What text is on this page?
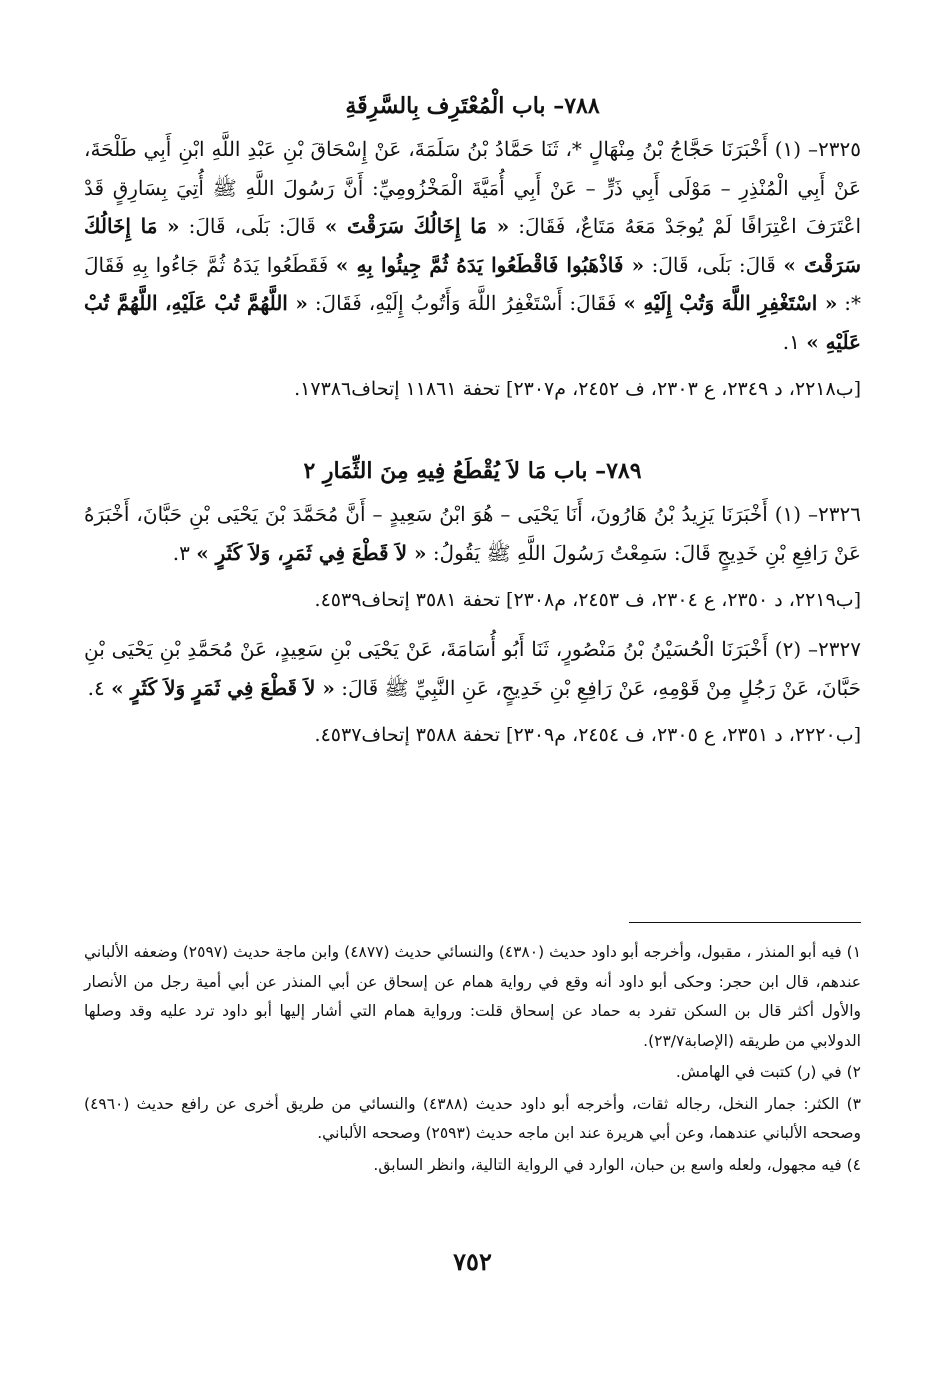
٧٨٨– باب الْمُعْتَرِف بِالسَّرِقَةِ

٢٣٢٥– (١) أَخْبَرَنَا حَجَّاجُ بْنُ مِنْهَالٍ *، ثَنَا حَمَّادُ بْنُ سَلَمَةَ، عَنْ إِسْحَاقَ بْنِ عَبْدِ اللَّهِ ابْنِ أَبِي طَلْحَةَ، عَنْ أَبِي الْمُنْذِرِ – مَوْلَى أَبِي ذَرٍّ – عَنْ أَبِي أُمَيَّةَ الْمَخْزُومِيِّ: أَنَّ رَسُولَ اللَّهِ ﷺ أُتِيَ بِسَارِقٍ قَدْ اعْتَرَفَ اعْتِرَافًا لَمْ يُوجَدْ مَعَهُ مَتَاعٌ، فَقَالَ: « مَا إِخَالُكَ سَرَقْتَ » قَالَ: بَلَى، قَالَ: « مَا إِخَالُكَ سَرَقْتَ » قَالَ: بَلَى، قَالَ: « فَاذْهَبُوا فَاقْطَعُوا يَدَهُ ثُمَّ جِيئُوا بِهِ » فَقَطَعُوا يَدَهُ ثُمَّ جَاءُوا بِهِ فَقَالَ *: « اسْتَغْفِرِ اللَّهَ وَتُبْ إِلَيْهِ » فَقَالَ: أَسْتَغْفِرُ اللَّهَ وَأَتُوبُ إِلَيْهِ، فَقَالَ: « اللَّهُمَّ تُبْ عَلَيْهِ، اللَّهُمَّ تُبْ عَلَيْهِ » ١.

[ب٢٢١٨، د ٢٣٤٩، ع ٢٣٠٣، ف ٢٤٥٢، م٢٣٠٧] تحفة ١١٨٦١ إتحاف١٧٣٨٦.

٧٨٩– باب مَا لاَ يُقْطَعُ فِيهِ مِنَ الثِّمَارِ ٢

٢٣٢٦– (١) أَخْبَرَنَا يَزِيدُ بْنُ هَارُونَ، أَنَا يَحْيَى – هُوَ ابْنُ سَعِيدٍ – أَنَّ مُحَمَّدَ بْنَ يَحْيَى بْنِ حَبَّانَ، أَخْبَرَهُ عَنْ رَافِعِ بْنِ خَدِيجٍ قَالَ: سَمِعْتُ رَسُولَ اللَّهِ ﷺ يَقُولُ: « لاَ قَطْعَ فِي ثَمَرٍ، وَلاَ كَثَرٍ » ٣.

[ب٢٢١٩، د ٢٣٥٠، ع ٢٣٠٤، ف ٢٤٥٣، م٢٣٠٨] تحفة ٣٥٨١ إتحاف٤٥٣٩.

٢٣٢٧– (٢) أَخْبَرَنَا الْحُسَيْنُ بْنُ مَنْصُورٍ، ثَنَا أَبُو أُسَامَةَ، عَنْ يَحْيَى بْنِ سَعِيدٍ، عَنْ مُحَمَّدِ بْنِ يَحْيَى بْنِ حَبَّانَ، عَنْ رَجُلٍ مِنْ قَوْمِهِ، عَنْ رَافِعِ بْنِ خَدِيجٍ، عَنِ النَّبِيِّ ﷺ قَالَ: « لاَ قَطْعَ فِي ثَمَرٍ وَلاَ كَثَرٍ » ٤.

[ب٢٢٢٠، د ٢٣٥١، ع ٢٣٠٥، ف ٢٤٥٤، م٢٣٠٩] تحفة ٣٥٨٨ إتحاف٤٥٣٧.

١) فيه أبو المنذر ، مقبول، وأخرجه أبو داود حديث (٤٣٨٠) والنسائي حديث (٤٨٧٧) وابن ماجة حديث (٢٥٩٧) وضعفه الألباني عندهم، قال ابن حجر: وحكى أبو داود أنه وقع في رواية همام عن إسحاق عن أبي المنذر عن أبي أمية رجل من الأنصار والأول أكثر قال بن السكن تفرد به حماد عن إسحاق قلت: ورواية همام التي أشار إليها أبو داود ترد عليه وقد وصلها الدولابي من طريقه (الإصابة٢٣/٧).

٢) في (ر) كتبت في الهامش.

٣) الكثر: جمار النخل، رجاله ثقات، وأخرجه أبو داود حديث (٤٣٨٨) والنسائي من طريق أخرى عن رافع حديث (٤٩٦٠) وصححه الألباني عندهما، وعن أبي هريرة عند ابن ماجه حديث (٢٥٩٣) وصححه الألباني.

٤) فيه مجهول، ولعله واسع بن حبان، الوارد في الرواية التالية، وانظر السابق.

٧٥٢
